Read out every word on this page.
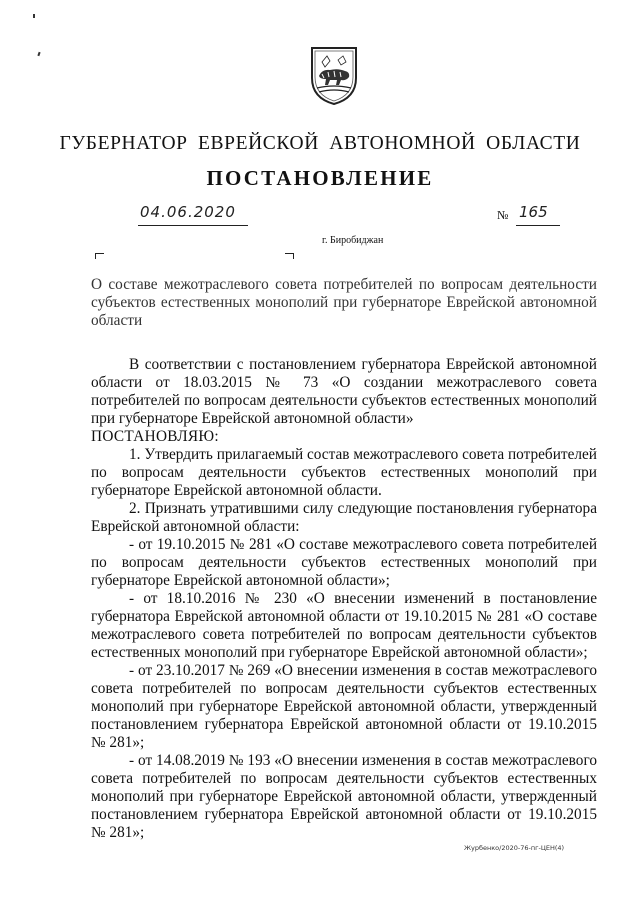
ГУБЕРНАТОР ЕВРЕЙСКОЙ АВТОНОМНОЙ ОБЛАСТИ
ПОСТАНОВЛЕНИЕ
04.06.2020	№ 165
г. Биробиджан
О составе межотраслевого совета потребителей по вопросам деятельности субъектов естественных монополий при губернаторе Еврейской автономной области

В соответствии с постановлением губернатора Еврейской автономной области от 18.03.2015 № 73 «О создании межотраслевого совета потребителей по вопросам деятельности субъектов естественных монополий при губернаторе Еврейской автономной области»

ПОСТАНОВЛЯЮ:

1. Утвердить прилагаемый состав межотраслевого совета потребителей по вопросам деятельности субъектов естественных монополий при губернаторе Еврейской автономной области.

2. Признать утратившими силу следующие постановления губернатора Еврейской автономной области:

- от 19.10.2015 № 281 «О составе межотраслевого совета потребителей по вопросам деятельности субъектов естественных монополий при губернаторе Еврейской автономной области»;

- от 18.10.2016 № 230 «О внесении изменений в постановление губернатора Еврейской автономной области от 19.10.2015 № 281 «О составе межотраслевого совета потребителей по вопросам деятельности субъектов естественных монополий при губернаторе Еврейской автономной области»;

- от 23.10.2017 № 269 «О внесении изменения в состав межотраслевого совета потребителей по вопросам деятельности субъектов естественных монополий при губернаторе Еврейской автономной области, утвержденный постановлением губернатора Еврейской автономной области от 19.10.2015 № 281»;

- от 14.08.2019 № 193 «О внесении изменения в состав межотраслевого совета потребителей по вопросам деятельности субъектов естественных монополий при губернаторе Еврейской автономной области, утвержденный постановлением губернатора Еврейской автономной области от 19.10.2015 № 281»;

Журбенко/2020-76-пг-ЦЕН(4)
